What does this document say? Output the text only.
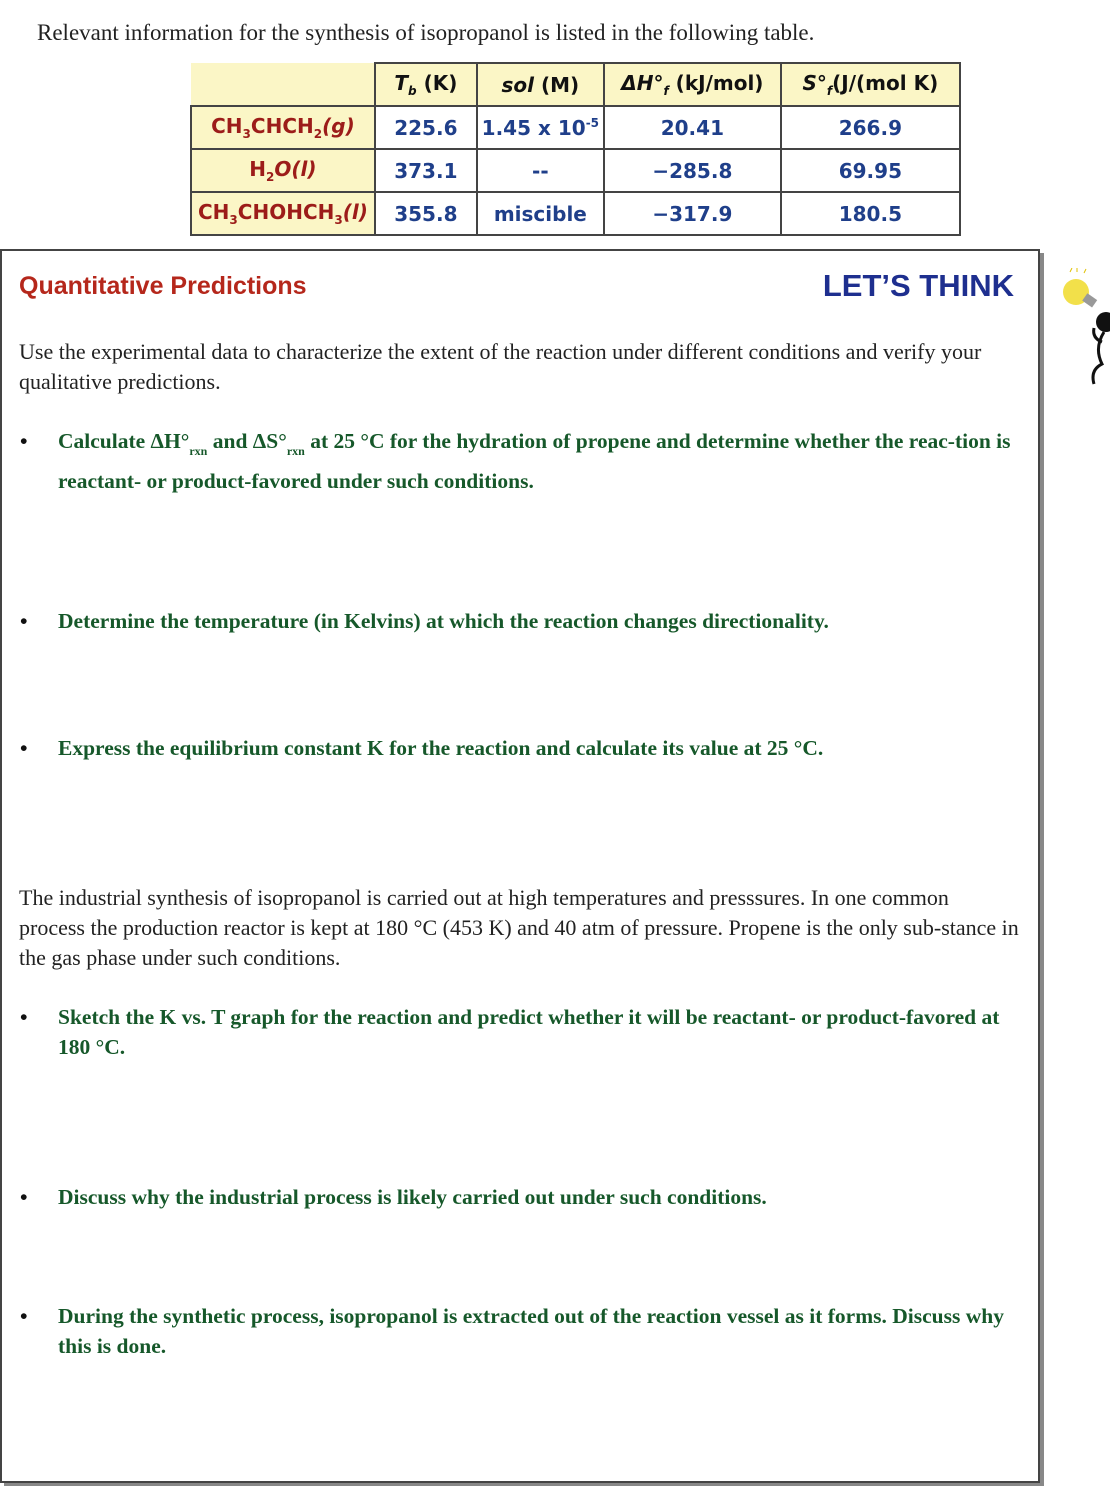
Relevant information for the synthesis of isopropanol is listed in the following table.
	$T_b$ (K)	sol (M)	$\Delta H^\circ_f$ (kJ/mol)	$S^\circ_f(J/(mol$ K)
$CH_3CHCH_2(g)$	225.6	1.45 x $10^{-5}$	20.41	266.9
$H_2O(l)$	373.1	--	−285.8	69.95
$CH_3CHOHCH_3(l)$	355.8	miscible	−317.9	180.5
Quantitative Predictions	LET’S THINK
Use the experimental data to characterize the extent of the reaction under different conditions and verify your qualitative predictions.
• Calculate $\Delta H^\circ_{rxn}$ and $\Delta S^\circ_{rxn}$ at 25 °C for the hydration of propene and determine whether the reac-tion is reactant- or product-favored under such conditions.
• Determine the temperature (in Kelvins) at which the reaction changes directionality.
• Express the equilibrium constant K for the reaction and calculate its value at 25 °C.
The industrial synthesis of isopropanol is carried out at high temperatures and presssures. In one common process the production reactor is kept at 180 °C (453 K) and 40 atm of pressure. Propene is the only sub-stance in the gas phase under such conditions.
• Sketch the K vs. T graph for the reaction and predict whether it will be reactant- or product-favored at 180 °C.
• Discuss why the industrial process is likely carried out under such conditions.
• During the synthetic process, isopropanol is extracted out of the reaction vessel as it forms. Discuss why this is done.
